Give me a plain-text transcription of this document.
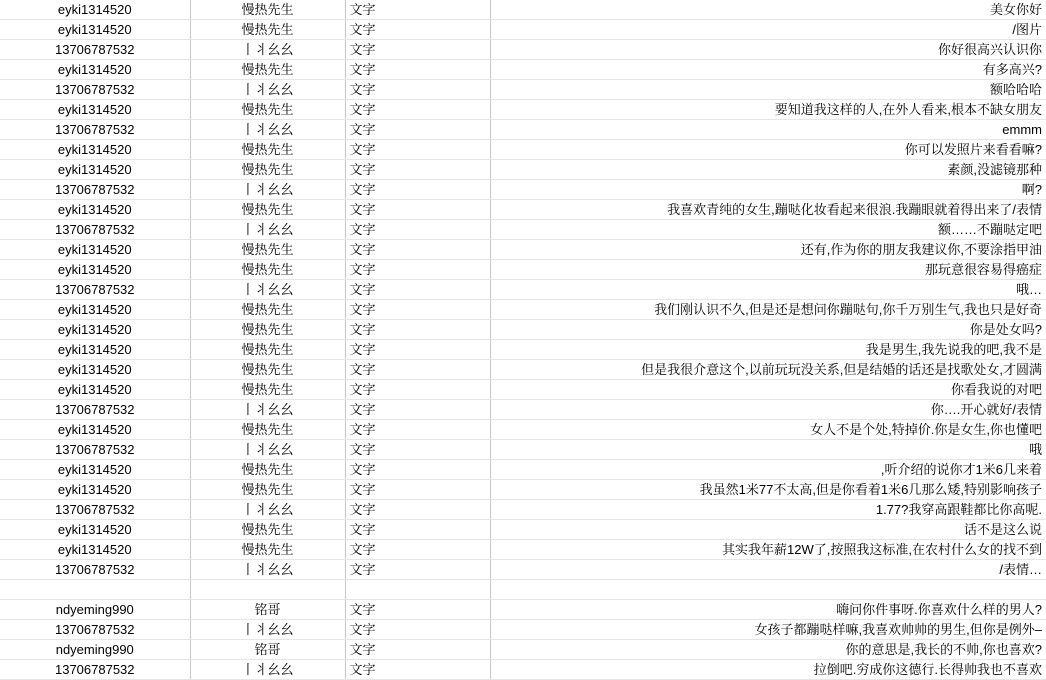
eyki1314520	慢热先生	文字	美女你好
eyki1314520	慢热先生	文字	/图片
13706787532	丨丬幺幺	文字	你好很高兴认识你
eyki1314520	慢热先生	文字	有多高兴?
13706787532	丨丬幺幺	文字	额哈哈哈
eyki1314520	慢热先生	文字	要知道我这样的人,在外人看来,根本不缺女朋友
13706787532	丨丬幺幺	文字	emmm
eyki1314520	慢热先生	文字	你可以发照片来看看嘛?
eyki1314520	慢热先生	文字	素颜,没滤镜那种
13706787532	丨丬幺幺	文字	啊?
eyki1314520	慢热先生	文字	我喜欢青纯的女生,蹦哒化妆看起来很浪.我蹦眼就着得出来了/表情
13706787532	丨丬幺幺	文字	额……不蹦哒定吧
eyki1314520	慢热先生	文字	还有,作为你的朋友我建议你,不要涂指甲油
eyki1314520	慢热先生	文字	那玩意很容易得癌症
13706787532	丨丬幺幺	文字	哦…
eyki1314520	慢热先生	文字	我们刚认识不久,但是还是想问你蹦哒句,你千万别生气,我也只是好奇
eyki1314520	慢热先生	文字	你是处女吗?
eyki1314520	慢热先生	文字	我是男生,我先说我的吧,我不是
eyki1314520	慢热先生	文字	但是我很介意这个,以前玩玩没关系,但是结婚的话还是找歌处女,才圆满
eyki1314520	慢热先生	文字	你看我说的对吧
13706787532	丨丬幺幺	文字	你….开心就好/表情
eyki1314520	慢热先生	文字	女人不是个处,特掉价.你是女生,你也懂吧
13706787532	丨丬幺幺	文字	哦
eyki1314520	慢热先生	文字	,听介绍的说你才1米6几来着
eyki1314520	慢热先生	文字	我虽然1米77不太高,但是你看着1米6几那么矮,特别影响孩子
13706787532	丨丬幺幺	文字	1.77?我穿高跟鞋都比你高呢.
eyki1314520	慢热先生	文字	话不是这么说
eyki1314520	慢热先生	文字	其实我年薪12W了,按照我这标准,在农村什么女的找不到
13706787532	丨丬幺幺	文字	/表情…

ndyeming990	铭哥	文字	嗨问你件事呀.你喜欢什么样的男人?
13706787532	丨丬幺幺	文字	女孩子都蹦哒样嘛,我喜欢帅帅的男生,但你是例外–
ndyeming990	铭哥	文字	你的意思是,我长的不帅,你也喜欢?
13706787532	丨丬幺幺	文字	拉倒吧.穷成你这德行.长得帅我也不喜欢
